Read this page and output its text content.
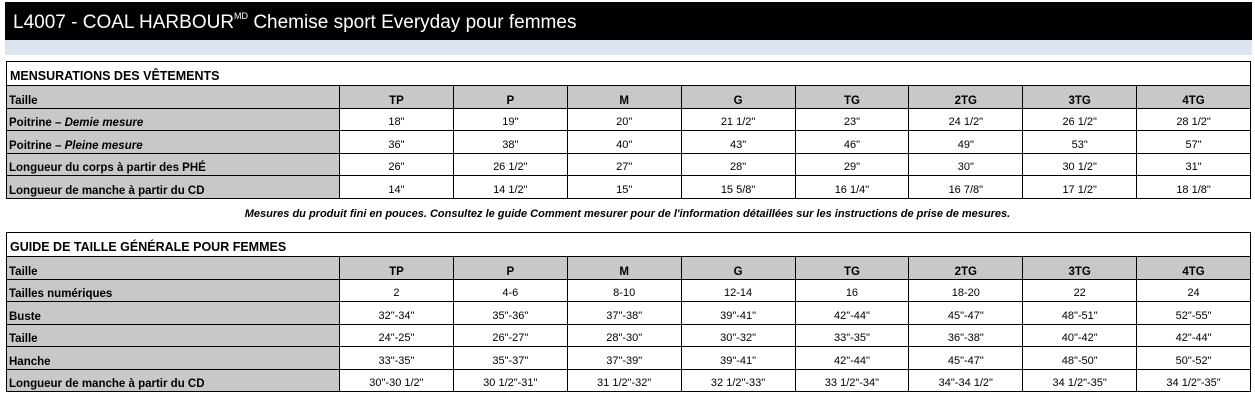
L4007 - COAL $HARBOUR^{MD}$ Chemise sport Everyday pour femmes
MENSURATIONS DES VÊTEMENTS								
Taille	TP	P	M	G	TG	2TG	3TG	4TG
Poitrine – Demie mesure	18"	19"	20"	21 1/2"	23"	24 1/2"	26 1/2"	28 1/2"
Poitrine – Pleine mesure	36"	38"	40"	43"	46"	49"	53"	57"
Longueur du corps à partir des PHÉ	26"	26 1/2"	27"	28"	29"	30"	30 1/2"	31"
Longueur de manche à partir du CD	14"	14 1/2"	15"	15 5/8"	16 1/4"	16 7/8"	17 1/2"	18 1/8"
Mesures du produit fini en pouces. Consultez le guide Comment mesurer pour de l'information détaillées sur les instructions de prise de mesures.
GUIDE DE TAILLE GÉNÉRALE POUR FEMMES								
Taille	TP	P	M	G	TG	2TG	3TG	4TG
Tailles numériques	2	4-6	8-10	12-14	16	18-20	22	24
Buste	32"-34"	35"-36"	37"-38"	39"-41"	42"-44"	45"-47"	48"-51"	52"-55"
Taille	24"-25"	26"-27"	28"-30"	30"-32"	33"-35"	36"-38"	40"-42"	42"-44"
Hanche	33"-35"	35"-37"	37"-39"	39"-41"	42"-44"	45"-47"	48"-50"	50"-52"
Longueur de manche à partir du CD	30"-30 1/2"	30 1/2"-31"	31 1/2"-32"	32 1/2"-33"	33 1/2"-34"	34"-34 1/2"	34 1/2"-35"	34 1/2"-35"
